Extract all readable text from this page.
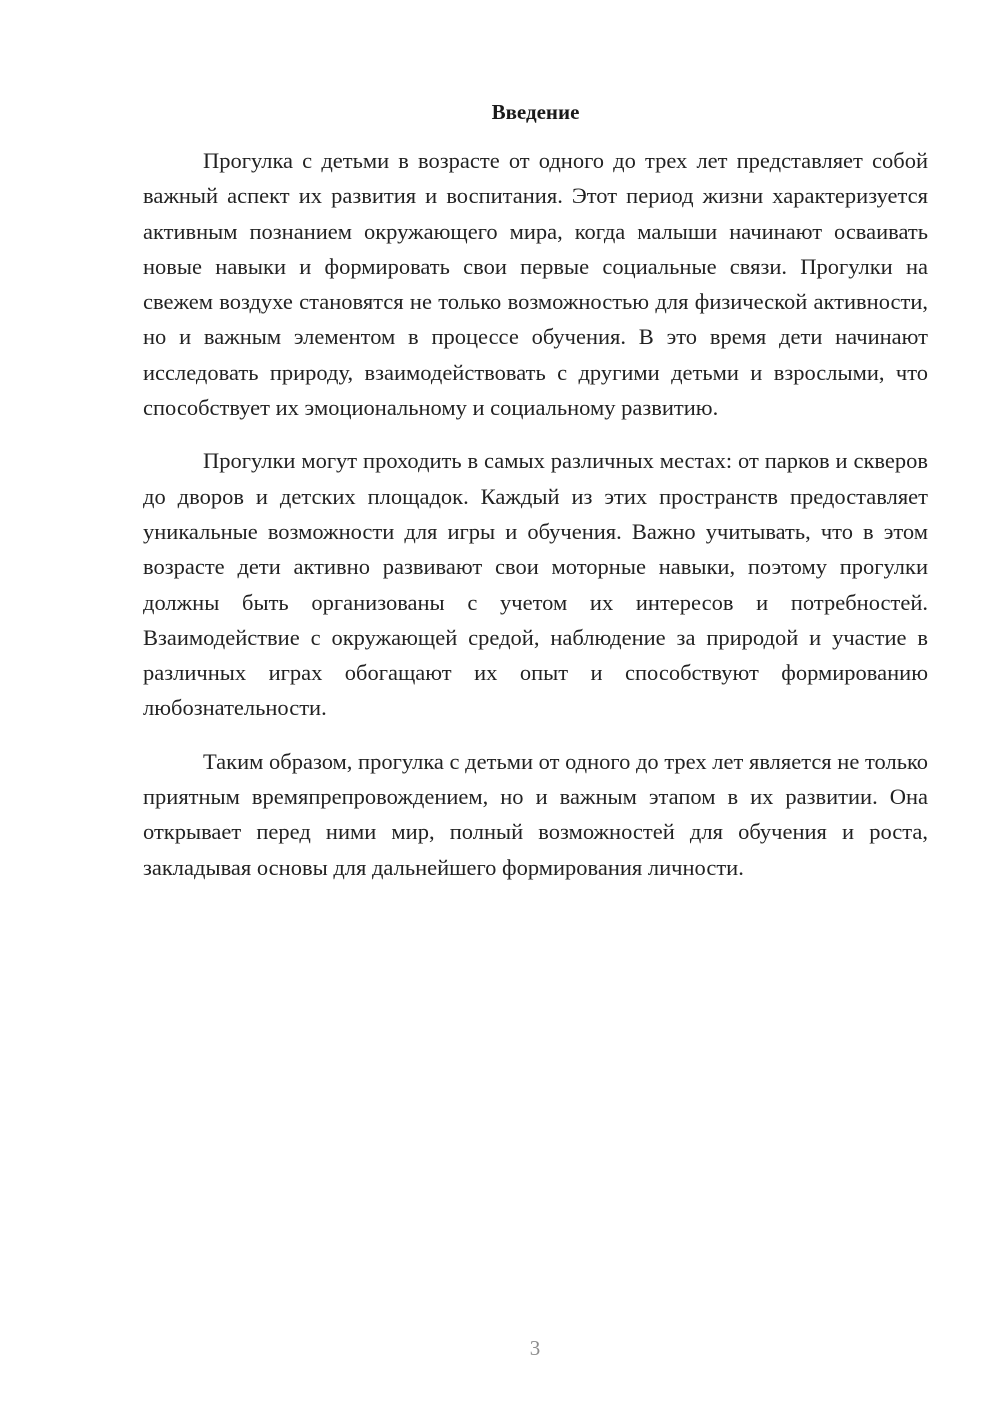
Введение

Прогулка с детьми в возрасте от одного до трех лет представляет собой важный аспект их развития и воспитания. Этот период жизни характеризуется активным познанием окружающего мира, когда малыши начинают осваивать новые навыки и формировать свои первые социальные связи. Прогулки на свежем воздухе становятся не только возможностью для физической активности, но и важным элементом в процессе обучения. В это время дети начинают исследовать природу, взаимодействовать с другими детьми и взрослыми, что способствует их эмоциональному и социальному развитию.

Прогулки могут проходить в самых различных местах: от парков и скверов до дворов и детских площадок. Каждый из этих пространств предоставляет уникальные возможности для игры и обучения. Важно учитывать, что в этом возрасте дети активно развивают свои моторные навыки, поэтому прогулки должны быть организованы с учетом их интересов и потребностей. Взаимодействие с окружающей средой, наблюдение за природой и участие в различных играх обогащают их опыт и способствуют формированию любознательности.

Таким образом, прогулка с детьми от одного до трех лет является не только приятным времяпрепровождением, но и важным этапом в их развитии. Она открывает перед ними мир, полный возможностей для обучения и роста, закладывая основы для дальнейшего формирования личности.

3
